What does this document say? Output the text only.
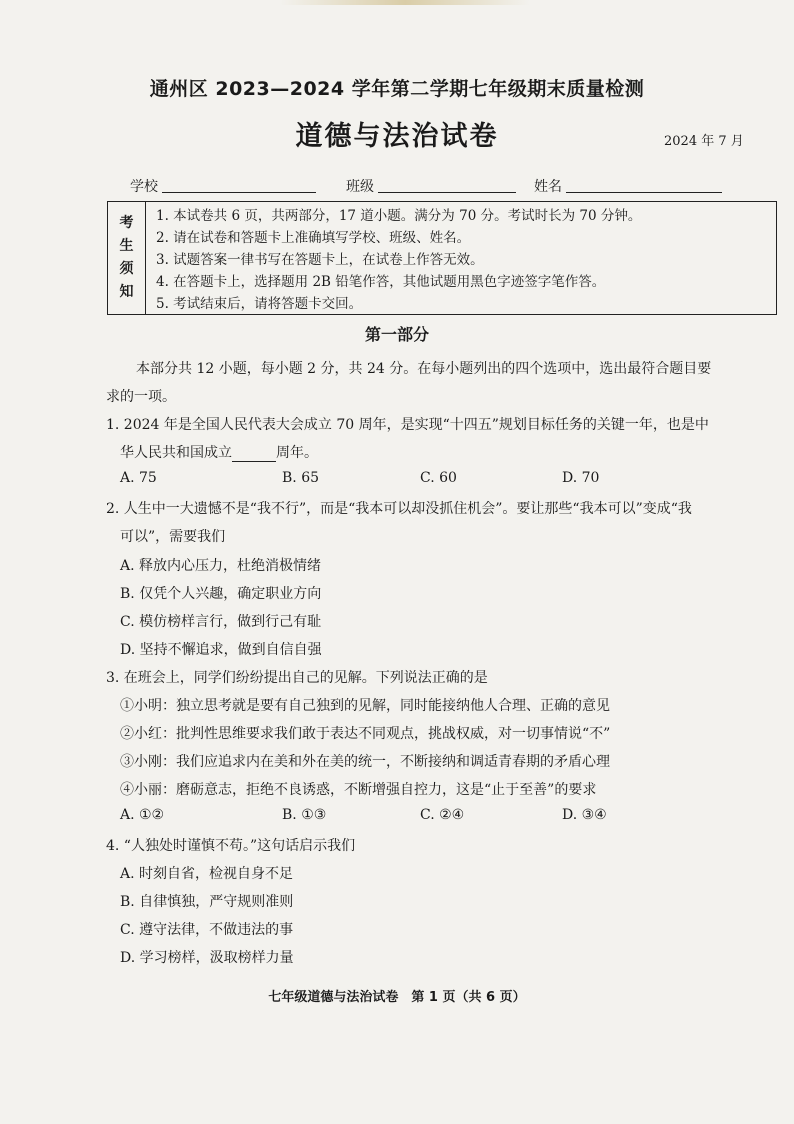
通州区 2023—2024 学年第二学期七年级期末质量检测
道德与法治试卷	2024 年 7 月
学校	班级	姓名
考
生
须
知
1. 本试卷共 6 页，共两部分，17 道小题。满分为 70 分。考试时长为 70 分钟。
2. 请在试卷和答题卡上准确填写学校、班级、姓名。
3. 试题答案一律书写在答题卡上，在试卷上作答无效。
4. 在答题卡上，选择题用 2B 铅笔作答，其他试题用黑色字迹签字笔作答。
5. 考试结束后，请将答题卡交回。
第一部分
本部分共 12 小题，每小题 2 分，共 24 分。在每小题列出的四个选项中，选出最符合题目要
求的一项。
1. 2024 年是全国人民代表大会成立 70 周年，是实现“十四五”规划目标任务的关键一年，也是中
华人民共和国成立	周年。
A. 75	B. 65	C. 60	D. 70
2. 人生中一大遗憾不是“我不行”，而是“我本可以却没抓住机会”。要让那些“我本可以”变成“我
可以”，需要我们
A. 释放内心压力，杜绝消极情绪
B. 仅凭个人兴趣，确定职业方向
C. 模仿榜样言行，做到行己有耻
D. 坚持不懈追求，做到自信自强
3. 在班会上，同学们纷纷提出自己的见解。下列说法正确的是
①小明：独立思考就是要有自己独到的见解，同时能接纳他人合理、正确的意见
②小红：批判性思维要求我们敢于表达不同观点，挑战权威，对一切事情说“不”
③小刚：我们应追求内在美和外在美的统一，不断接纳和调适青春期的矛盾心理
④小丽：磨砺意志，拒绝不良诱惑，不断增强自控力，这是“止于至善”的要求
A. ①②	B. ①③	C. ②④	D. ③④
4. “人独处时谨慎不苟。”这句话启示我们
A. 时刻自省，检视自身不足
B. 自律慎独，严守规则准则
C. 遵守法律，不做违法的事
D. 学习榜样，汲取榜样力量
七年级道德与法治试卷　第 1 页（共 6 页）
